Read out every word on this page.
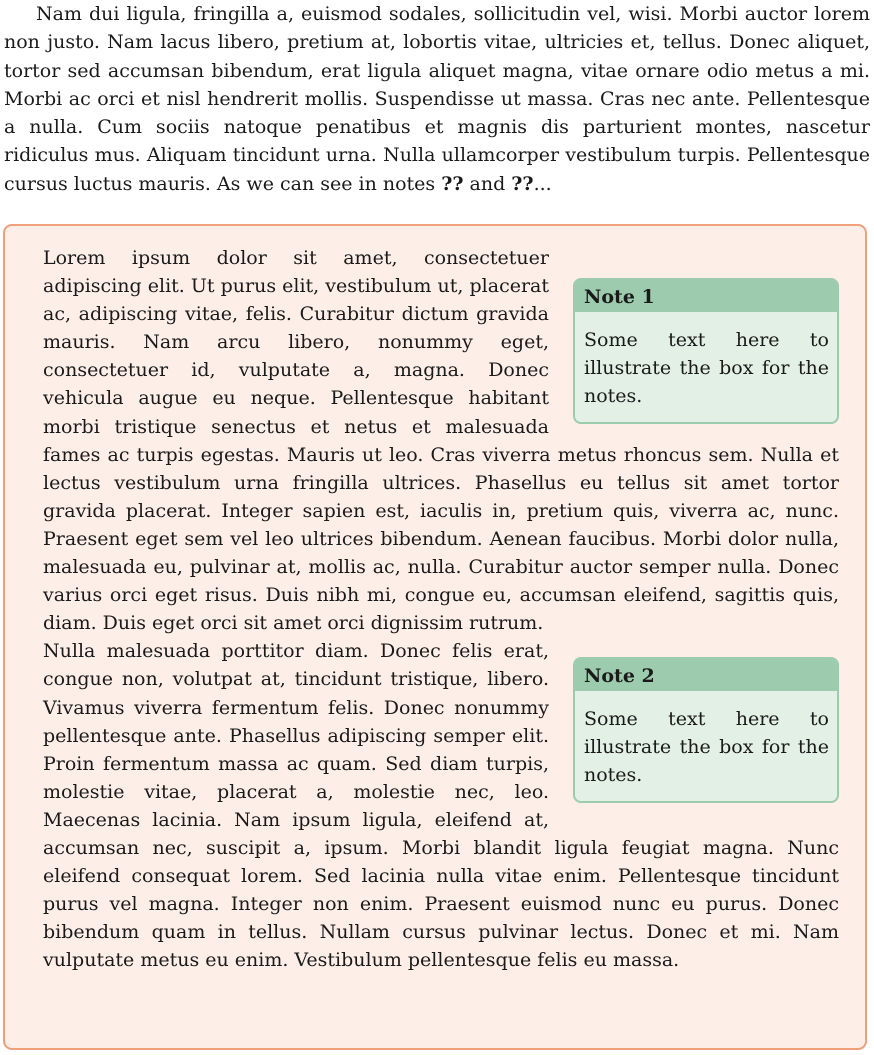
Nam dui ligula, fringilla a, euismod sodales, sollicitudin vel, wisi. Morbi auctor lorem non justo. Nam lacus libero, pretium at, lobortis vitae, ultricies et, tellus. Donec aliquet, tortor sed accumsan bibendum, erat ligula aliquet magna, vitae ornare odio metus a mi. Morbi ac orci et nisl hendrerit mollis. Suspendisse ut massa. Cras nec ante. Pellentesque a nulla. Cum sociis natoque penatibus et magnis dis parturient montes, nascetur ridiculus mus. Aliquam tincidunt urna. Nulla ullamcorper vestibulum turpis. Pellentesque cursus luctus mauris. As we can see in notes ?? and ??...

Note 1
Some text here to illustrate the box for the notes.

Lorem ipsum dolor sit amet, consectetuer adipiscing elit. Ut purus elit, vestibulum ut, placerat ac, adipiscing vitae, felis. Curabitur dictum gravida mauris. Nam arcu libero, nonummy eget, consectetuer id, vulputate a, magna. Donec vehicula augue eu neque. Pellentesque habitant morbi tristique senectus et netus et malesuada fames ac turpis egestas. Mauris ut leo. Cras viverra metus rhoncus sem. Nulla et lectus vestibulum urna fringilla ultrices. Phasellus eu tellus sit amet tortor gravida placerat. Integer sapien est, iaculis in, pretium quis, viverra ac, nunc. Praesent eget sem vel leo ultrices bibendum. Aenean faucibus. Morbi dolor nulla, malesuada eu, pulvinar at, mollis ac, nulla. Curabitur auctor semper nulla. Donec varius orci eget risus. Duis nibh mi, congue eu, accumsan eleifend, sagittis quis, diam. Duis eget orci sit amet orci dignissim rutrum.

Note 2
Some text here to illustrate the box for the notes.

Nulla malesuada porttitor diam. Donec felis erat, congue non, volutpat at, tincidunt tristique, libero. Vivamus viverra fermentum felis. Donec nonummy pellentesque ante. Phasellus adipiscing semper elit. Proin fermentum massa ac quam. Sed diam turpis, molestie vitae, placerat a, molestie nec, leo. Maecenas lacinia. Nam ipsum ligula, eleifend at, accumsan nec, suscipit a, ipsum. Morbi blandit ligula feugiat magna. Nunc eleifend consequat lorem. Sed lacinia nulla vitae enim. Pellentesque tincidunt purus vel magna. Integer non enim. Praesent euismod nunc eu purus. Donec bibendum quam in tellus. Nullam cursus pulvinar lectus. Donec et mi. Nam vulputate metus eu enim. Vestibulum pellentesque felis eu massa.
